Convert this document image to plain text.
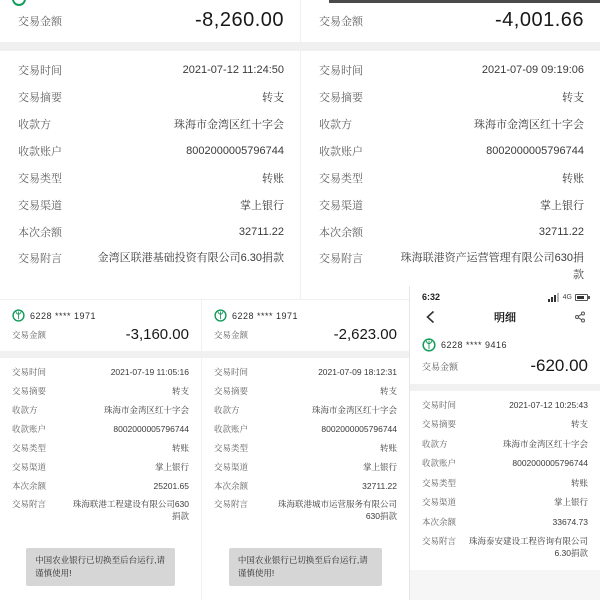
交易金额	-8,260.00
交易时间	2021-07-12 11:24:50
交易摘要	转支
收款方	珠海市金湾区红十字会
收款账户	8002000005796744
交易类型	转账
交易渠道	掌上银行
本次余额	32711.22
交易附言	金湾区联港基础投资有限公司6.30捐款
交易金额	-4,001.66
交易时间	2021-07-09 09:19:06
交易摘要	转支
收款方	珠海市金湾区红十字会
收款账户	8002000005796744
交易类型	转账
交易渠道	掌上银行
本次余额	32711.22
交易附言	珠海联港资产运营管理有限公司630捐款
6228 **** 1971
交易金额	-3,160.00
交易时间	2021-07-19 11:05:16
交易摘要	转支
收款方	珠海市金湾区红十字会
收款账户	8002000005796744
交易类型	转账
交易渠道	掌上银行
本次余额	25201.65
交易附言	珠海联港工程建设有限公司630捐款
中国农业银行已切换至后台运行,请谨慎使用!
6228 **** 1971
交易金额	-2,623.00
交易时间	2021-07-09 18:12:31
交易摘要	转支
收款方	珠海市金湾区红十字会
收款账户	8002000005796744
交易类型	转账
交易渠道	掌上银行
本次余额	32711.22
交易附言	珠海联港城市运营服务有限公司630捐款
中国农业银行已切换至后台运行,请谨慎使用!
6:32	4G
明细
6228 **** 9416
交易金额	-620.00
交易时间	2021-07-12 10:25:43
交易摘要	转支
收款方	珠海市金湾区红十字会
收款账户	8002000005796744
交易类型	转账
交易渠道	掌上银行
本次余额	33674.73
交易附言 珠海泰安建设工程咨询有限公司6.30捐款
